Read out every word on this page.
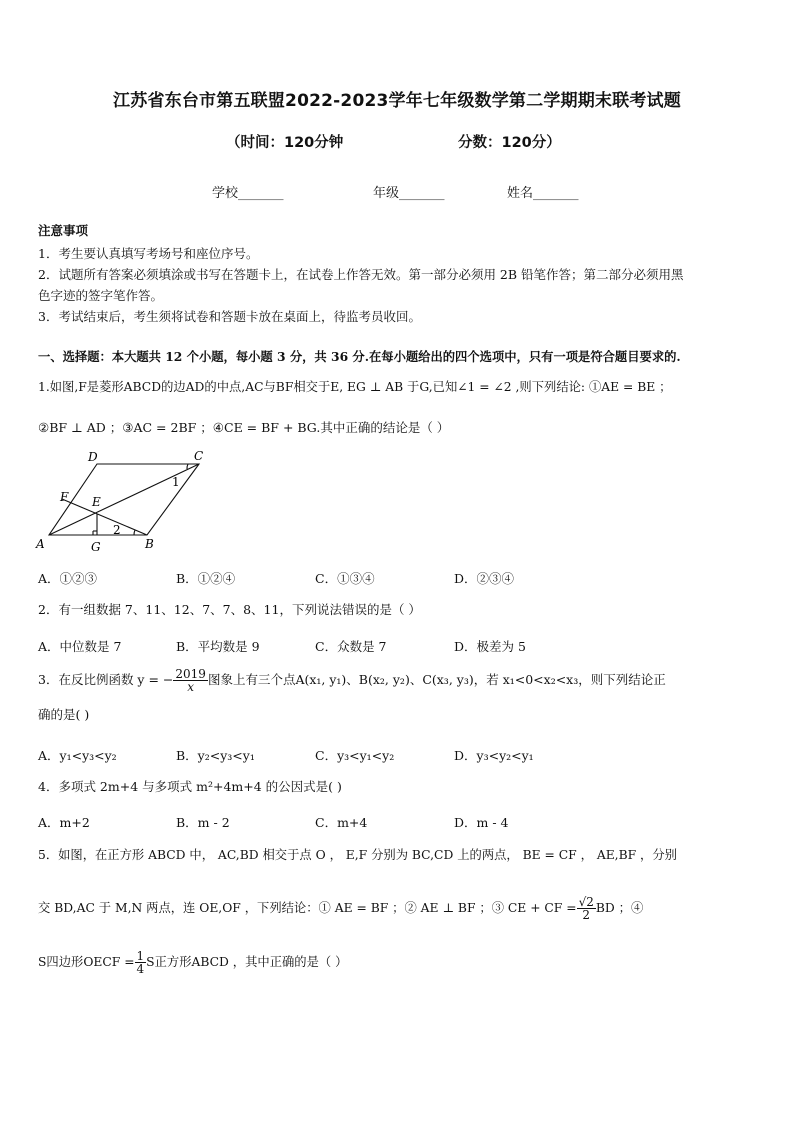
江苏省东台市第五联盟2022-2023学年七年级数学第二学期期末联考试题
（时间：120分钟	分数：120分）
学校_______	年级_______	姓名_______
注意事项
1．考生要认真填写考场号和座位序号。
2．试题所有答案必须填涂或书写在答题卡上，在试卷上作答无效。第一部分必须用 2B 铅笔作答；第二部分必须用黑
色字迹的签字笔作答。
3．考试结束后，考生须将试卷和答题卡放在桌面上，待监考员收回。
一、选择题：本大题共 12 个小题，每小题 3 分，共 36 分.在每小题给出的四个选项中，只有一项是符合题目要求的.
1.如图,F是菱形ABCD的边AD的中点,AC与BF相交于E, EG ⊥ AB 于G,已知∠1 = ∠2 ,则下列结论: ①AE = BE ；
②BF ⊥ AD ；③AC = 2BF ；④CE = BF + BG.其中正确的结论是（ ）
A	B
C
D
E
F
G
1
2
A．①②③	B．①②④	C．①③④	D．②③④
2．有一组数据 7、11、12、7、7、8、11，下列说法错误的是（ ）
A．中位数是 7	B．平均数是 9	C．众数是 7	D．极差为 5
3．在反比例函数 y = − $\frac{2019}{x}$ 图象上有三个点A(x₁, y₁)、B(x₂, y₂)、C(x₃, y₃)，若 x₁<0<x₂<x₃，则下列结论正
确的是( )
A．y₁<y₃<y₂	B．y₂<y₃<y₁	C．y₃<y₁<y₂	D．y₃<y₂<y₁
4．多项式 2m+4 与多项式 m²+4m+4 的公因式是( )
A．m+2	B．m - 2	C．m+4	D．m - 4
5．如图，在正方形 ABCD 中， AC,BD 相交于点 O ， E,F 分别为 BC,CD 上的两点， BE = CF ， AE,BF ，分别
交 BD,AC 于 M,N 两点，连 OE,OF ，下列结论：① AE = BF ；② AE ⊥ BF ；③ CE + CF = $\frac{√2}{2}$ BD ；④
S四边形OECF = $\frac{1}{4}$ S正方形ABCD ，其中正确的是（ ）
